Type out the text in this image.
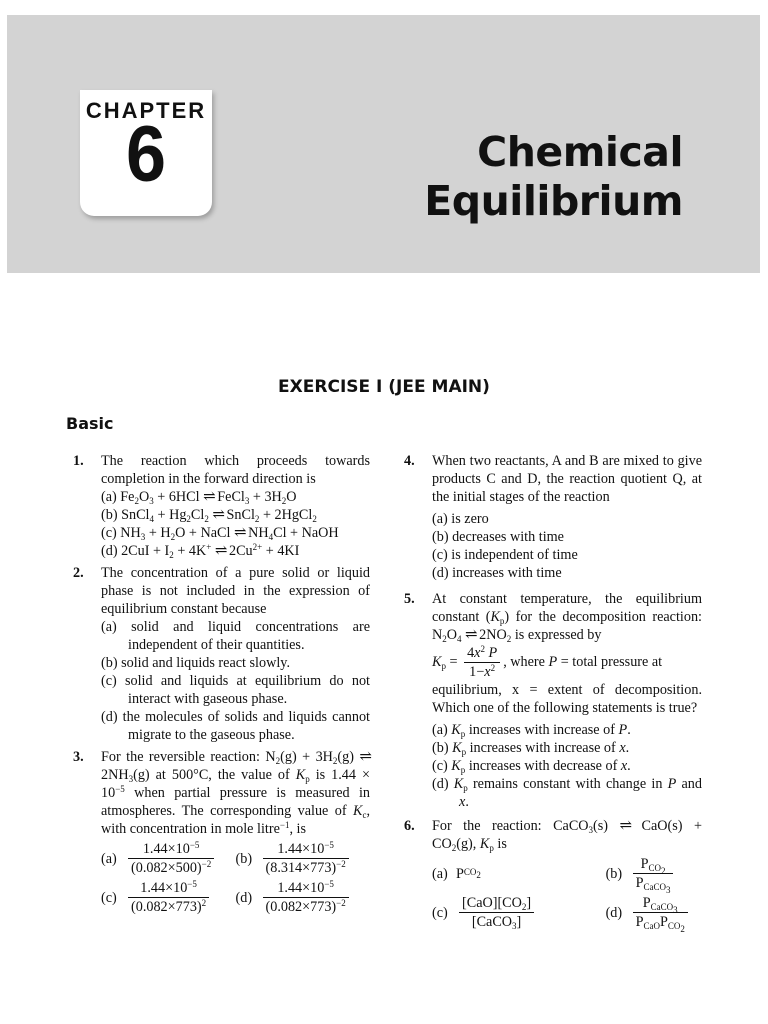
CHAPTER
6	Chemical
Equilibrium
EXERCISE I (JEE MAIN)
Basic
1. The reaction which proceeds towards completion in the forward direction is
(a) $Fe_2O_3 + 6HCl$ ⇌ FeCl$_3$ + $3H_2O$
(b) SnCl$_4$ + $Hg_2Cl_2$ ⇌ SnCl$_2$ + 2HgCl$_2$
(c) $NH_3 + H_2O$ + NaCl ⇌ $NH_4Cl$ + NaOH
(d) $2CuI + I_2 + 4K^+$ ⇌ $2Cu^{2+} + 4KI$
2. The concentration of a pure solid or liquid phase is not included in the expression of equilibrium constant because
(a) solid and liquid concentrations are independent of their quantities.
(b) solid and liquids react slowly.
(c) solid and liquids at equilibrium do not interact with gaseous phase.
(d) the molecules of solids and liquids cannot migrate to the gaseous phase.
3. For the reversible reaction: $N_2(g) + 3H_2(g)$ ⇌ $2NH_3(g)$ at 500°C, the value of $K_p$ is $1.44 \times 10^{-5}$ when partial pressure is measured in atmospheres. The corresponding value of $K_c$, with concentration in mole litre$^{-1}$, is
$(a) \frac{1.44\times 10^{-5}}{(0.082\times 500)^{-2}} (b) \frac{1.44\times 10^{-5}}{(8.314\times 773)^{-2}}$
$(c) \frac{1.44\times 10^{-5}}{(0.082\times 773)^2} (d) \frac{1.44\times 10^{-5}}{(0.082\times 773)^{-2}}$
4. When two reactants, A and B are mixed to give products C and D, the reaction quotient Q, at the initial stages of the reaction
(a) is zero
(b) decreases with time
(c) is independent of time
(d) increases with time
5. At constant temperature, the equilibrium constant $(K_p)$ for the decomposition reaction: $N_2O_4$ ⇌ $2NO_2$ is expressed by
$K_p = \frac{4x^2 P}{1-x^2}$ , where P = total pressure at
equilibrium, x = extent of decomposition. Which one of the following statements is true?
(a) $K_p$ increases with increase of P.
(b) $K_p$ increases with increase of x.
(c) $K_p$ increases with decrease of x.
(d) $K_p$ remains constant with change in P and x.
6. For the reaction: CaCO$_3$(s) ⇌ $CaO(s) + CO_2(g)$, $K_p$ is
(a) P $CO_2$	$(b) \frac{P_{CO_2}}{P_{CaCO_3}}$
$(c) \frac{[CaO][CO_2]}{[CaCO_3]}$	$(d) \frac{P_{CaCO_3}}{P_{CaO}P_{CO_2}}$
